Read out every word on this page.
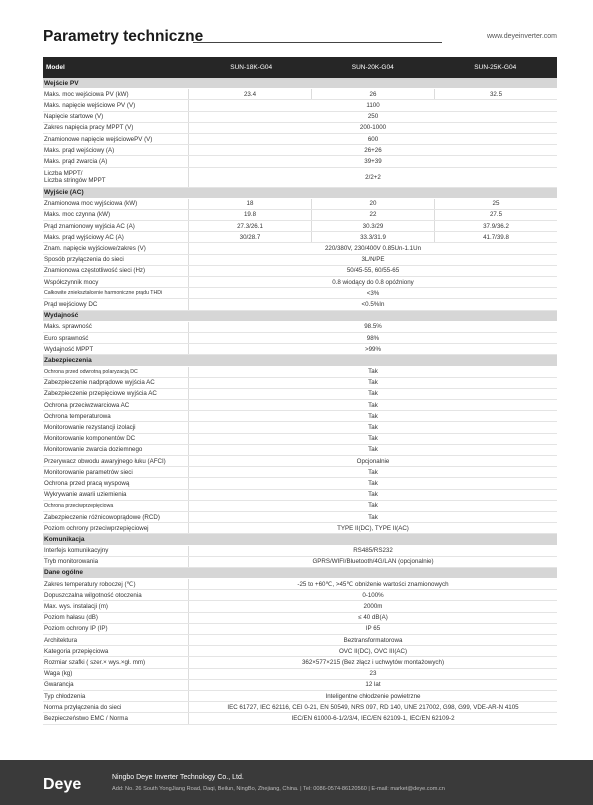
Parametry techniczne	www.deyeinverter.com
Model	SUN-18K-G04	SUN-20K-G04	SUN-25K-G04
Wejście PV
Maks. moc wejściowa PV (kW)	23.4	26	32.5
Maks. napięcie wejściowe PV (V)	1100
Napięcie startowe (V)	250
Zakres napięcia pracy MPPT (V)	200-1000
Znamionowe napięcie wejściowePV (V)	600
Maks. prąd wejściowy (A)	26+26
Maks. prąd zwarcia (A)	39+39
Liczba MPPT/
Liczba stringów MPPT	2/2+2
Wyjście (AC)
Znamionowa moc wyjściowa (kW)	18	20	25
Maks. moc czynna (kW)	19.8	22	27.5
Prąd znamionowy wyjścia AC (A)	27.3/26.1	30.3/29	37.9/36.2
Maks. prąd wyjściowy AC (A)	30/28.7	33.3/31.9	41.7/39.8
Znam. napięcie wyjściowe/zakres (V)	220/380V, 230/400V 0.85Un-1.1Un
Sposób przyłączenia do sieci	3L/N/PE
Znamionowa częstotliwość sieci (Hz)	50/45-55, 60/55-65
Współczynnik mocy	0.8 wiodący do 0.8 opóźniony
Całkowite zniekształcenie harmoniczne prądu THDi	<3%
Prąd wejściowy DC	<0.5%In
Wydajność
Maks. sprawność	98.5%
Euro sprawność	98%
Wydajność MPPT	>99%
Zabezpieczenia
Ochrona przed odwrotną polaryzacją DC	Tak
Zabezpieczenie nadprądowe wyjścia AC	Tak
Zabezpieczenie przepięciowe wyjścia AC	Tak
Ochrona przeciwzwarciowa AC	Tak
Ochrona temperaturowa	Tak
Monitorowanie rezystancji izolacji	Tak
Monitorowanie komponentów DC	Tak
Monitorowanie zwarcia doziemnego	Tak
Przerywacz obwodu awaryjnego łuku (AFCI)	Opcjonalnie
Monitorowanie parametrów sieci	Tak
Ochrona przed pracą wyspową	Tak
Wykrywanie awarii uziemienia	Tak
Ochrona przeciwprzepięciowa	Tak
Zabezpieczenie różnicowoprądowe (RCD)	Tak
Poziom ochrony przeciwprzepięciowej	TYPE II(DC), TYPE II(AC)
Komunikacja
Interfejs komunikacyjny	RS485/RS232
Tryb monitorowania	GPRS/WIFI/Bluetooth/4G/LAN (opcjonalnie)
Dane ogólne
Zakres temperatury roboczej (℃)	-25 to +60℃, >45℃ obniżenie wartości znamionowych
Dopuszczalna wilgotność otoczenia	0-100%
Max. wys. instalacji (m)	2000m
Poziom hałasu (dB)	≤ 40 dB(A)
Poziom ochrony IP (IP)	IP 65
Architektura	Beztransformatorowa
Kategoria przepięciowa	OVC II(DC), OVC III(AC)
Rozmiar szafki ( szer.× wys.×gł. mm)	362×577×215 (Bez złącz i uchwytów montażowych)
Waga (kg)	23
Gwarancja	12 lat
Typ chłodzenia	Inteligentne chłodzenie powietrzne
Norma przyłączenia do sieci	IEC 61727, IEC 62116, CEI 0-21, EN 50549, NRS 097, RD 140, UNE 217002, G98, G99, VDE-AR-N 4105
Bezpieczeństwo EMC / Norma	IEC/EN 61000-6-1/2/3/4, IEC/EN 62109-1, IEC/EN 62109-2
Deye	Ningbo Deye Inverter Technology Co., Ltd.
Add: No. 26 South YongJiang Road, Daqi, Beilun, NingBo, Zhejiang, China. | Tel: 0086-0574-86120560 | E-mail: market@deye.com.cn
